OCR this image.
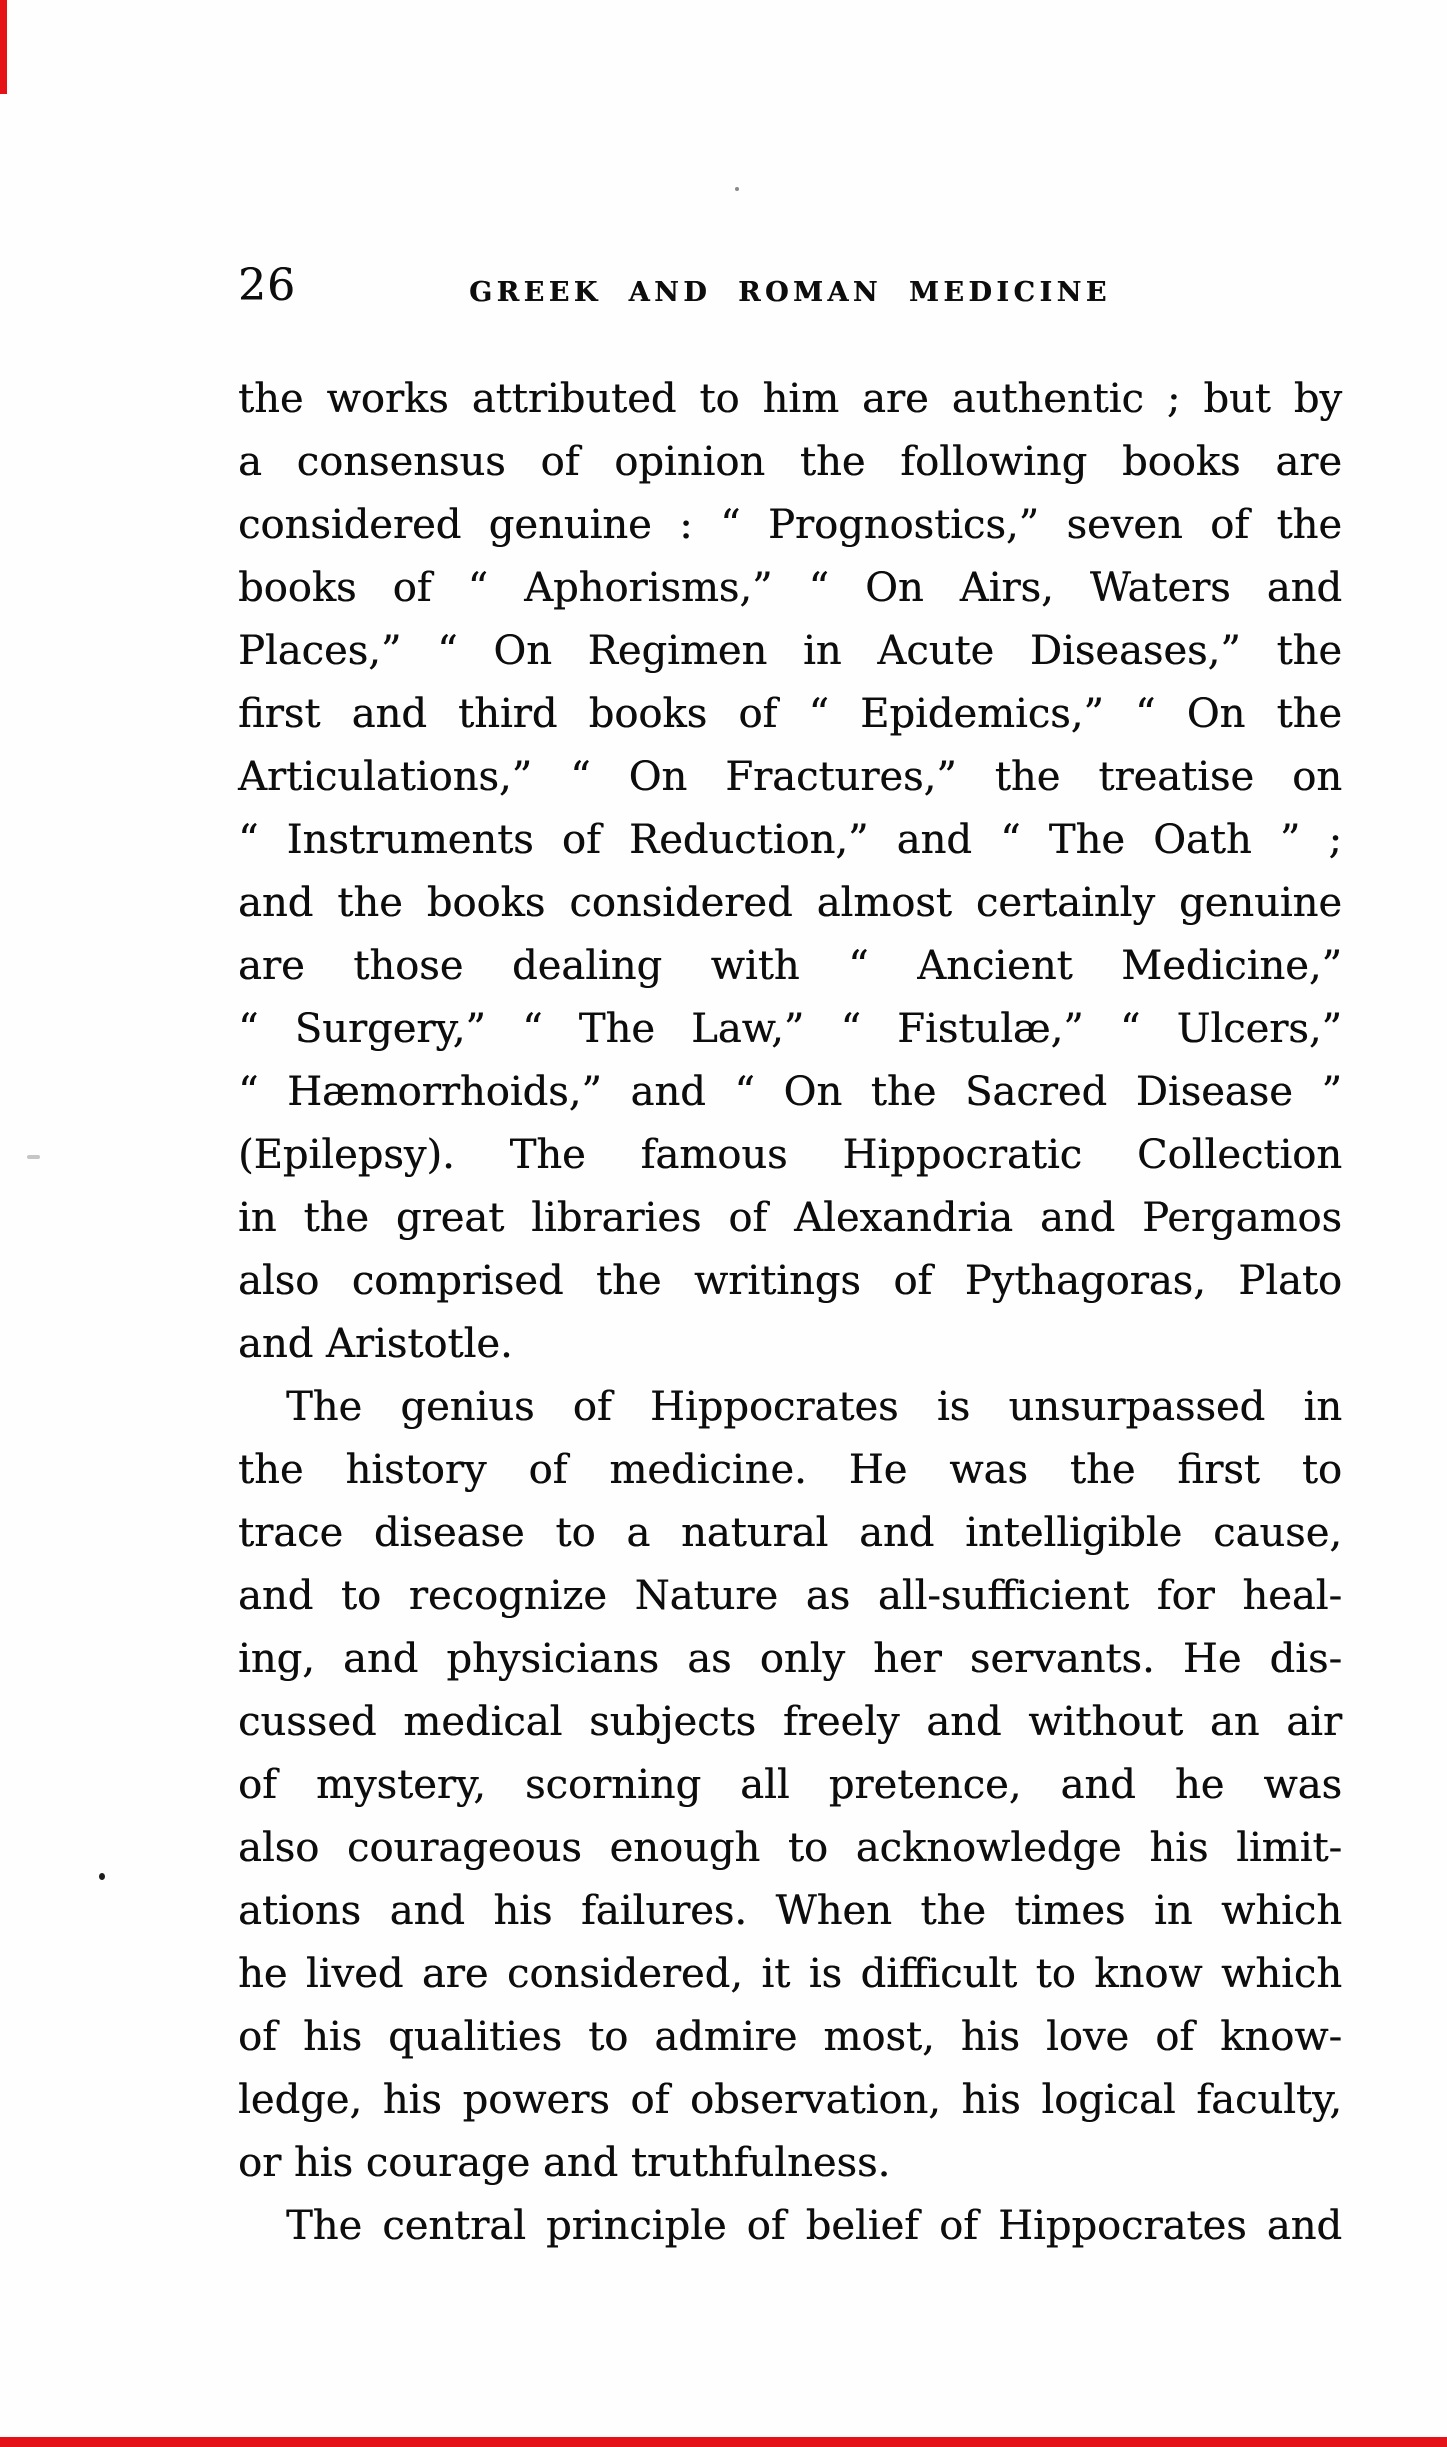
26	GREEK AND ROMAN MEDICINE

the works attributed to him are authentic ; but by

a consensus of opinion the following books are

considered genuine : “ Prognostics,” seven of the

books of “ Aphorisms,” “ On Airs, Waters and

Places,” “ On Regimen in Acute Diseases,” the

first and third books of “ Epidemics,” “ On the

Articulations,” “ On Fractures,” the treatise on

“ Instruments of Reduction,” and “ The Oath ” ;

and the books considered almost certainly genuine

are those dealing with “ Ancient Medicine,”

“ Surgery,” “ The Law,” “ Fistulæ,” “ Ulcers,”

“ Hæmorrhoids,” and “ On the Sacred Disease ”

(Epilepsy). The famous Hippocratic Collection

in the great libraries of Alexandria and Pergamos

also comprised the writings of Pythagoras, Plato

and Aristotle.

The genius of Hippocrates is unsurpassed in

the history of medicine. He was the first to

trace disease to a natural and intelligible cause,

and to recognize Nature as all-sufficient for heal-

ing, and physicians as only her servants. He dis-

cussed medical subjects freely and without an air

of mystery, scorning all pretence, and he was

also courageous enough to acknowledge his limit-

ations and his failures. When the times in which

he lived are considered, it is difficult to know which

of his qualities to admire most, his love of know-

ledge, his powers of observation, his logical faculty,

or his courage and truthfulness.

The central principle of belief of Hippocrates and
